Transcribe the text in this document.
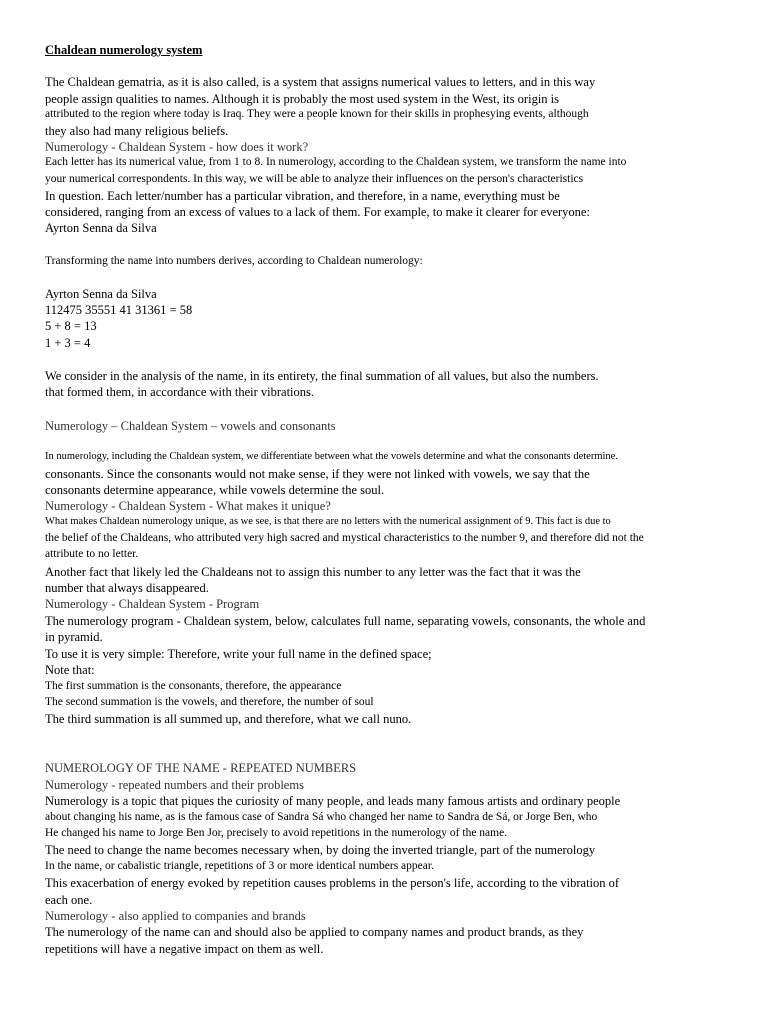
Chaldean numerology system

The Chaldean gematria, as it is also called, is a system that assigns numerical values to letters, and in this way

people assign qualities to names. Although it is probably the most used system in the West, its origin is

attributed to the region where today is Iraq. They were a people known for their skills in prophesying events, although

they also had many religious beliefs.

Numerology - Chaldean System - how does it work?

Each letter has its numerical value, from 1 to 8. In numerology, according to the Chaldean system, we transform the name into

your numerical correspondents. In this way, we will be able to analyze their influences on the person's characteristics

In question. Each letter/number has a particular vibration, and therefore, in a name, everything must be

considered, ranging from an excess of values to a lack of them. For example, to make it clearer for everyone:

Ayrton Senna da Silva

Transforming the name into numbers derives, according to Chaldean numerology:

Ayrton Senna da Silva

112475 35551 41 31361 = 58

5 + 8 = 13

1 + 3 = 4

We consider in the analysis of the name, in its entirety, the final summation of all values, but also the numbers.

that formed them, in accordance with their vibrations.

Numerology – Chaldean System – vowels and consonants

In numerology, including the Chaldean system, we differentiate between what the vowels determine and what the consonants determine.

consonants. Since the consonants would not make sense, if they were not linked with vowels, we say that the

consonants determine appearance, while vowels determine the soul.

Numerology - Chaldean System - What makes it unique?

What makes Chaldean numerology unique, as we see, is that there are no letters with the numerical assignment of 9. This fact is due to

the belief of the Chaldeans, who attributed very high sacred and mystical characteristics to the number 9, and therefore did not the

attribute to no letter.

Another fact that likely led the Chaldeans not to assign this number to any letter was the fact that it was the

number that always disappeared.

Numerology - Chaldean System - Program

The numerology program - Chaldean system, below, calculates full name, separating vowels, consonants, the whole and

in pyramid.

To use it is very simple: Therefore, write your full name in the defined space;

Note that:

The first summation is the consonants, therefore, the appearance

The second summation is the vowels, and therefore, the number of soul

The third summation is all summed up, and therefore, what we call nuno.

NUMEROLOGY OF THE NAME - REPEATED NUMBERS

Numerology - repeated numbers and their problems

Numerology is a topic that piques the curiosity of many people, and leads many famous artists and ordinary people

about changing his name, as is the famous case of Sandra Sá who changed her name to Sandra de Sá, or Jorge Ben, who

He changed his name to Jorge Ben Jor, precisely to avoid repetitions in the numerology of the name.

The need to change the name becomes necessary when, by doing the inverted triangle, part of the numerology

In the name, or cabalistic triangle, repetitions of 3 or more identical numbers appear.

This exacerbation of energy evoked by repetition causes problems in the person's life, according to the vibration of

each one.

Numerology - also applied to companies and brands

The numerology of the name can and should also be applied to company names and product brands, as they

repetitions will have a negative impact on them as well.
